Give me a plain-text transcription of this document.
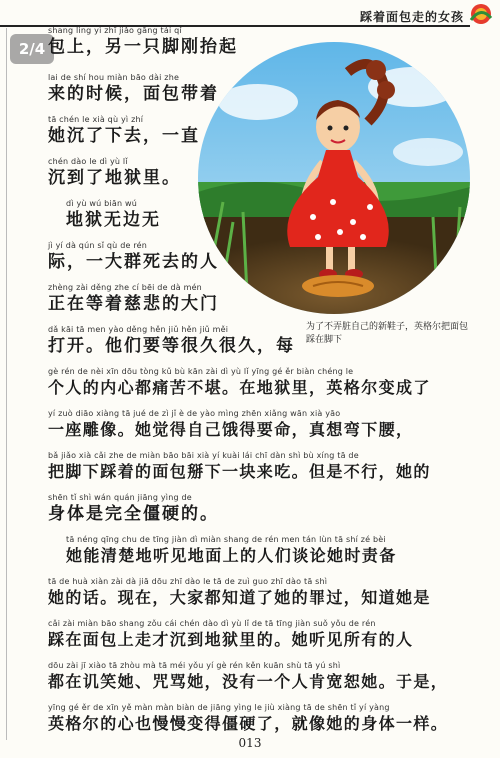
踩着面包走的女孩
2/4
为了不弄脏自己的新鞋子，英格尔把面包踩在脚下
shang lìng yì zhī jiǎo gāng tái qǐ
包上，另一只脚刚抬起
lai de shí hou miàn bāo dài zhe
来的时候，面包带着
tā chén le xià qù yì zhí
她沉了下去，一直
chén dào le dì yù lǐ
沉到了地狱里。
dì yù wú biān wú
地狱无边无
jì yí dà qún sǐ qù de rén
际，一大群死去的人
zhèng zài děng zhe cí bēi de dà mén
正在等着慈悲的大门
dǎ kāi tā men yào děng hěn jiǔ hěn jiǔ měi
打开。他们要等很久很久，每
gè rén de nèi xīn dōu tòng kǔ bù kān zài dì yù lǐ yīng gé ěr biàn chéng le
个人的内心都痛苦不堪。在地狱里，英格尔变成了
yí zuò diāo xiàng tā jué de zì jǐ è de yào mìng zhēn xiǎng wān xià yāo
一座雕像。她觉得自己饿得要命，真想弯下腰，
bǎ jiǎo xià cǎi zhe de miàn bāo bāi xià yí kuài lái chī dàn shì bù xíng tā de
把脚下踩着的面包掰下一块来吃。但是不行，她的
shēn tǐ shì wán quán jiāng yìng de
身体是完全僵硬的。
tā néng qīng chu de tīng jiàn dì miàn shang de rén men tán lùn tā shí zé bèi
她能清楚地听见地面上的人们谈论她时责备
tā de huà xiàn zài dà jiā dōu zhī dào le tā de zuì guo zhī dào tā shì
她的话。现在，大家都知道了她的罪过，知道她是
cǎi zài miàn bāo shang zǒu cái chén dào dì yù lǐ de tā tīng jiàn suǒ yǒu de rén
踩在面包上走才沉到地狱里的。她听见所有的人
dōu zài jī xiào tā zhòu mà tā méi yǒu yí gè rén kěn kuān shù tā yú shì
都在讥笑她、咒骂她，没有一个人肯宽恕她。于是，
yīng gé ěr de xīn yě màn màn biàn de jiāng yìng le jiù xiàng tā de shēn tǐ yí yàng
英格尔的心也慢慢变得僵硬了，就像她的身体一样。
013
